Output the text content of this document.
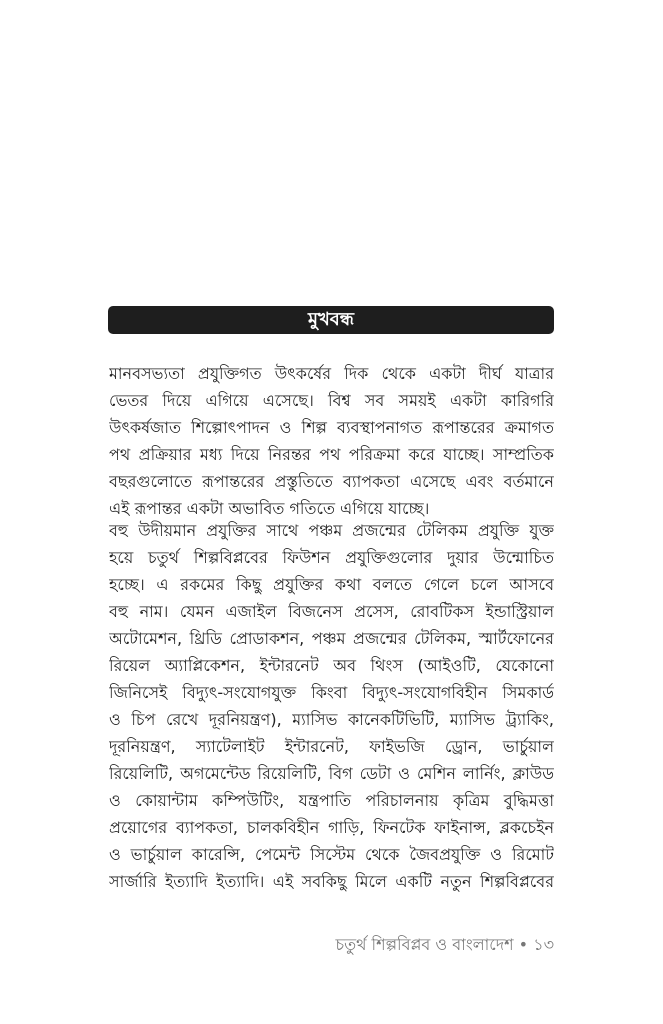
মুখবন্ধ
মানবসভ্যতা প্রযুক্তিগত উৎকর্ষের দিক থেকে একটা দীর্ঘ যাত্রার
ভেতর দিয়ে এগিয়ে এসেছে। বিশ্ব সব সময়ই একটা কারিগরি
উৎকর্ষজাত শিল্পোৎপাদন ও শিল্প ব্যবস্থাপনাগত রূপান্তরের ক্রমাগত
পথ প্রক্রিয়ার মধ্য দিয়ে নিরন্তর পথ পরিক্রমা করে যাচ্ছে। সাম্প্রতিক
বছরগুলোতে রূপান্তরের প্রস্তুতিতে ব্যাপকতা এসেছে এবং বর্তমানে
এই রূপান্তর একটা অভাবিত গতিতে এগিয়ে যাচ্ছে।
বহু উদীয়মান প্রযুক্তির সাথে পঞ্চম প্রজন্মের টেলিকম প্রযুক্তি যুক্ত
হয়ে চতুর্থ শিল্পবিপ্লবের ফিউশন প্রযুক্তিগুলোর দুয়ার উন্মোচিত
হচ্ছে। এ রকমের কিছু প্রযুক্তির কথা বলতে গেলে চলে আসবে
বহু নাম। যেমন এজাইল বিজনেস প্রসেস, রোবটিকস ইন্ডাস্ট্রিয়াল
অটোমেশন, থ্রিডি প্রোডাকশন, পঞ্চম প্রজন্মের টেলিকম, স্মার্টফোনের
রিয়েল অ্যাপ্লিকেশন, ইন্টারনেট অব থিংস (আইওটি, যেকোনো
জিনিসেই বিদ্যুৎ-সংযোগযুক্ত কিংবা বিদ্যুৎ-সংযোগবিহীন সিমকার্ড
ও চিপ রেখে দূরনিয়ন্ত্রণ), ম্যাসিভ কানেকটিভিটি, ম্যাসিভ ট্র্যাকিং,
দূরনিয়ন্ত্রণ, স্যাটেলাইট ইন্টারনেট, ফাইভজি ড্রোন, ভার্চুয়াল
রিয়েলিটি, অগমেন্টেড রিয়েলিটি, বিগ ডেটা ও মেশিন লার্নিং, ক্লাউড
ও কোয়ান্টাম কম্পিউটিং, যন্ত্রপাতি পরিচালনায় কৃত্রিম বুদ্ধিমত্তা
প্রয়োগের ব্যাপকতা, চালকবিহীন গাড়ি, ফিনটেক ফাইনান্স, ব্লকচেইন
ও ভার্চুয়াল কারেন্সি, পেমেন্ট সিস্টেম থেকে জৈবপ্রযুক্তি ও রিমোট
সার্জারি ইত্যাদি ইত্যাদি। এই সবকিছু মিলে একটি নতুন শিল্পবিপ্লবের
চতুর্থ শিল্পবিপ্লব ও বাংলাদেশ • ১৩
